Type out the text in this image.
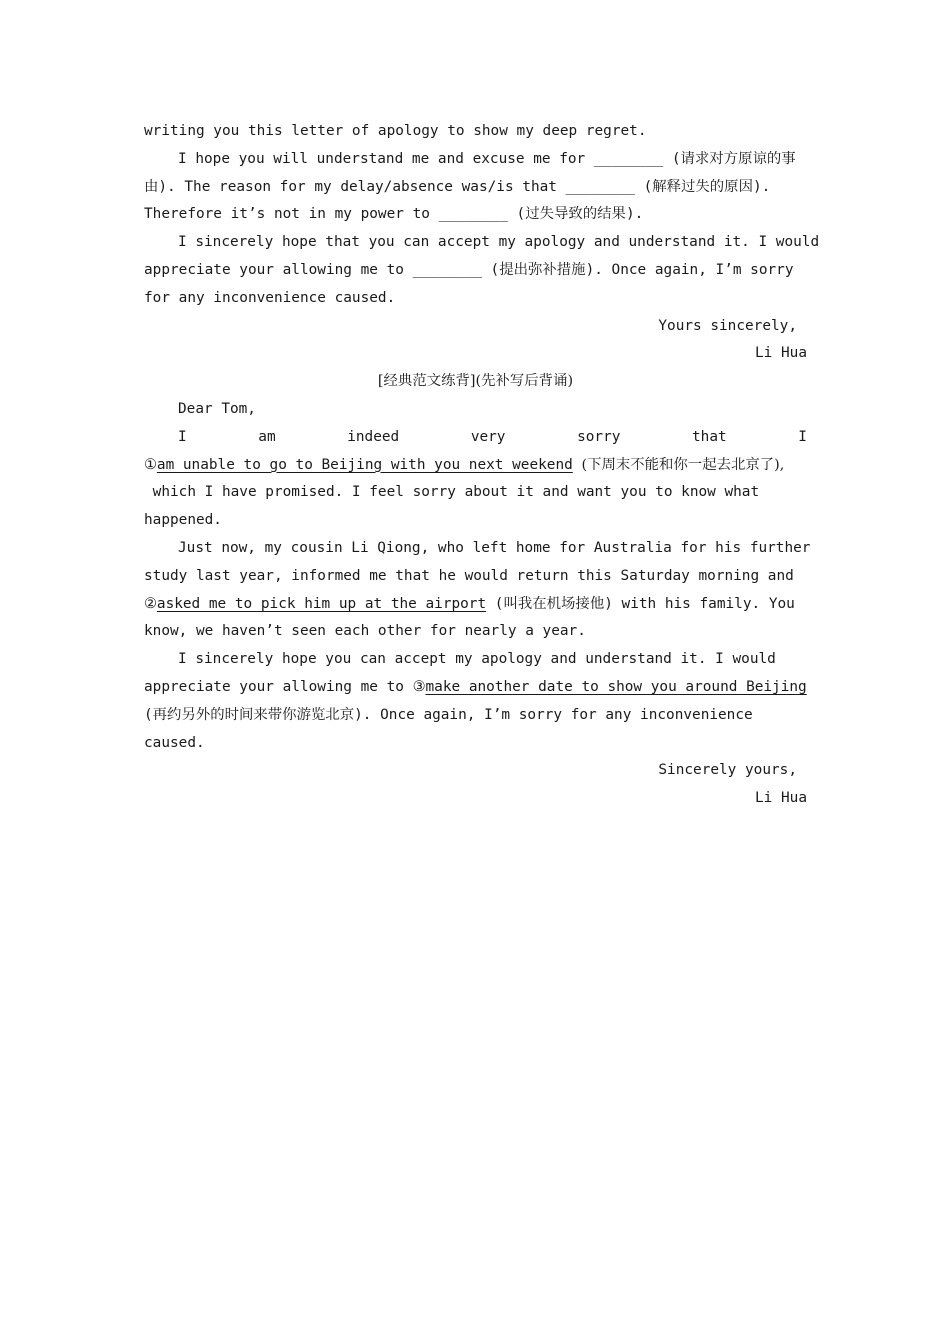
writing you this letter of apology to show my deep regret.
I hope you will understand me and excuse me for ________ (请求对方原谅的事
由). The reason for my delay/absence was/is that ________ (解释过失的原因).
Therefore it’s not in my power to ________ (过失导致的结果).
I sincerely hope that you can accept my apology and understand it. I would
appreciate your allowing me to ________ (提出弥补措施). Once again, I’m sorry
for any inconvenience caused.
Yours sincerely,
Li Hua
[经典范文练背](先补写后背诵)
Dear Tom,
I	am	indeed	very	sorry	that	I
①am unable to go to Beijing with you next weekend (下周末不能和你一起去北京了),
which I have promised. I feel sorry about it and want you to know what
happened.
Just now, my cousin Li Qiong, who left home for Australia for his further
study last year, informed me that he would return this Saturday morning and
②asked me to pick him up at the airport (叫我在机场接他) with his family. You
know, we haven’t seen each other for nearly a year.
I sincerely hope you can accept my apology and understand it. I would
appreciate your allowing me to ③make another date to show you around Beijing
(再约另外的时间来带你游览北京). Once again, I’m sorry for any inconvenience
caused.
Sincerely yours,
Li Hua
